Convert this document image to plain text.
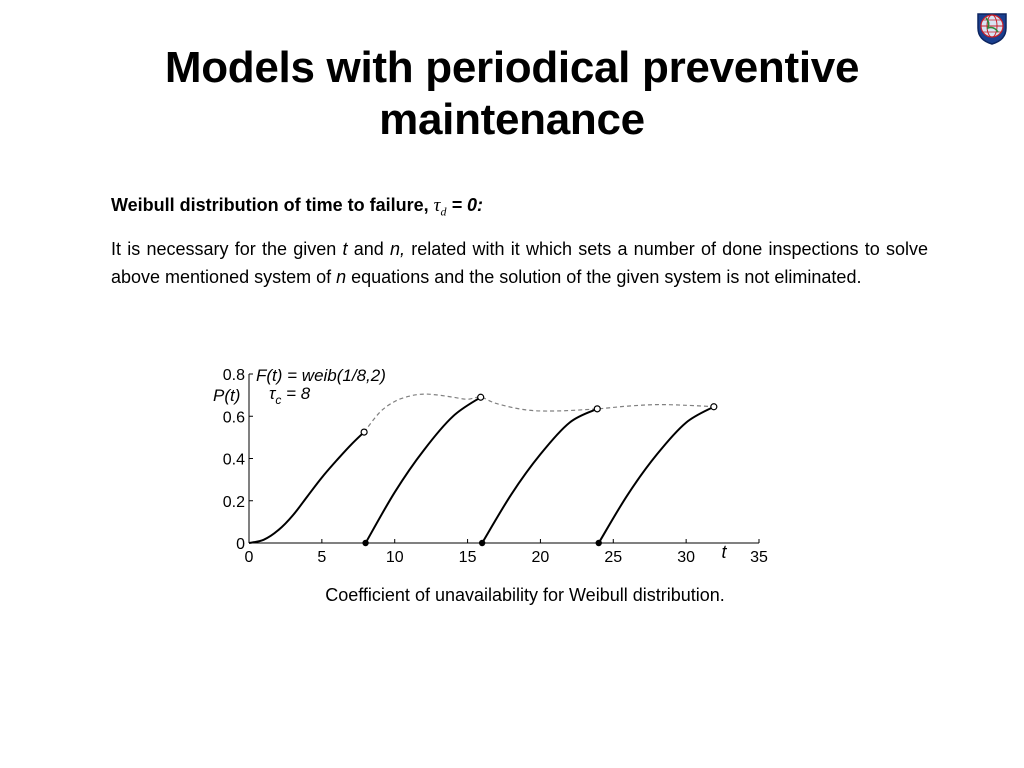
Models with periodical preventive maintenance
Weibull distribution of time to failure, $\tau_d = 0$:
It is necessary for the given t and n, related with it which sets a number of done inspections to solve above mentioned system of n equations and the solution of the given system is not eliminated.
0	5	10	15	20	25	30	35
0
0.2
0.4
0.6
0.8
t
P(t)
F(t) = weib(1/8,2)
$\tau_c = 8$
Coefficient of unavailability for Weibull distribution.
